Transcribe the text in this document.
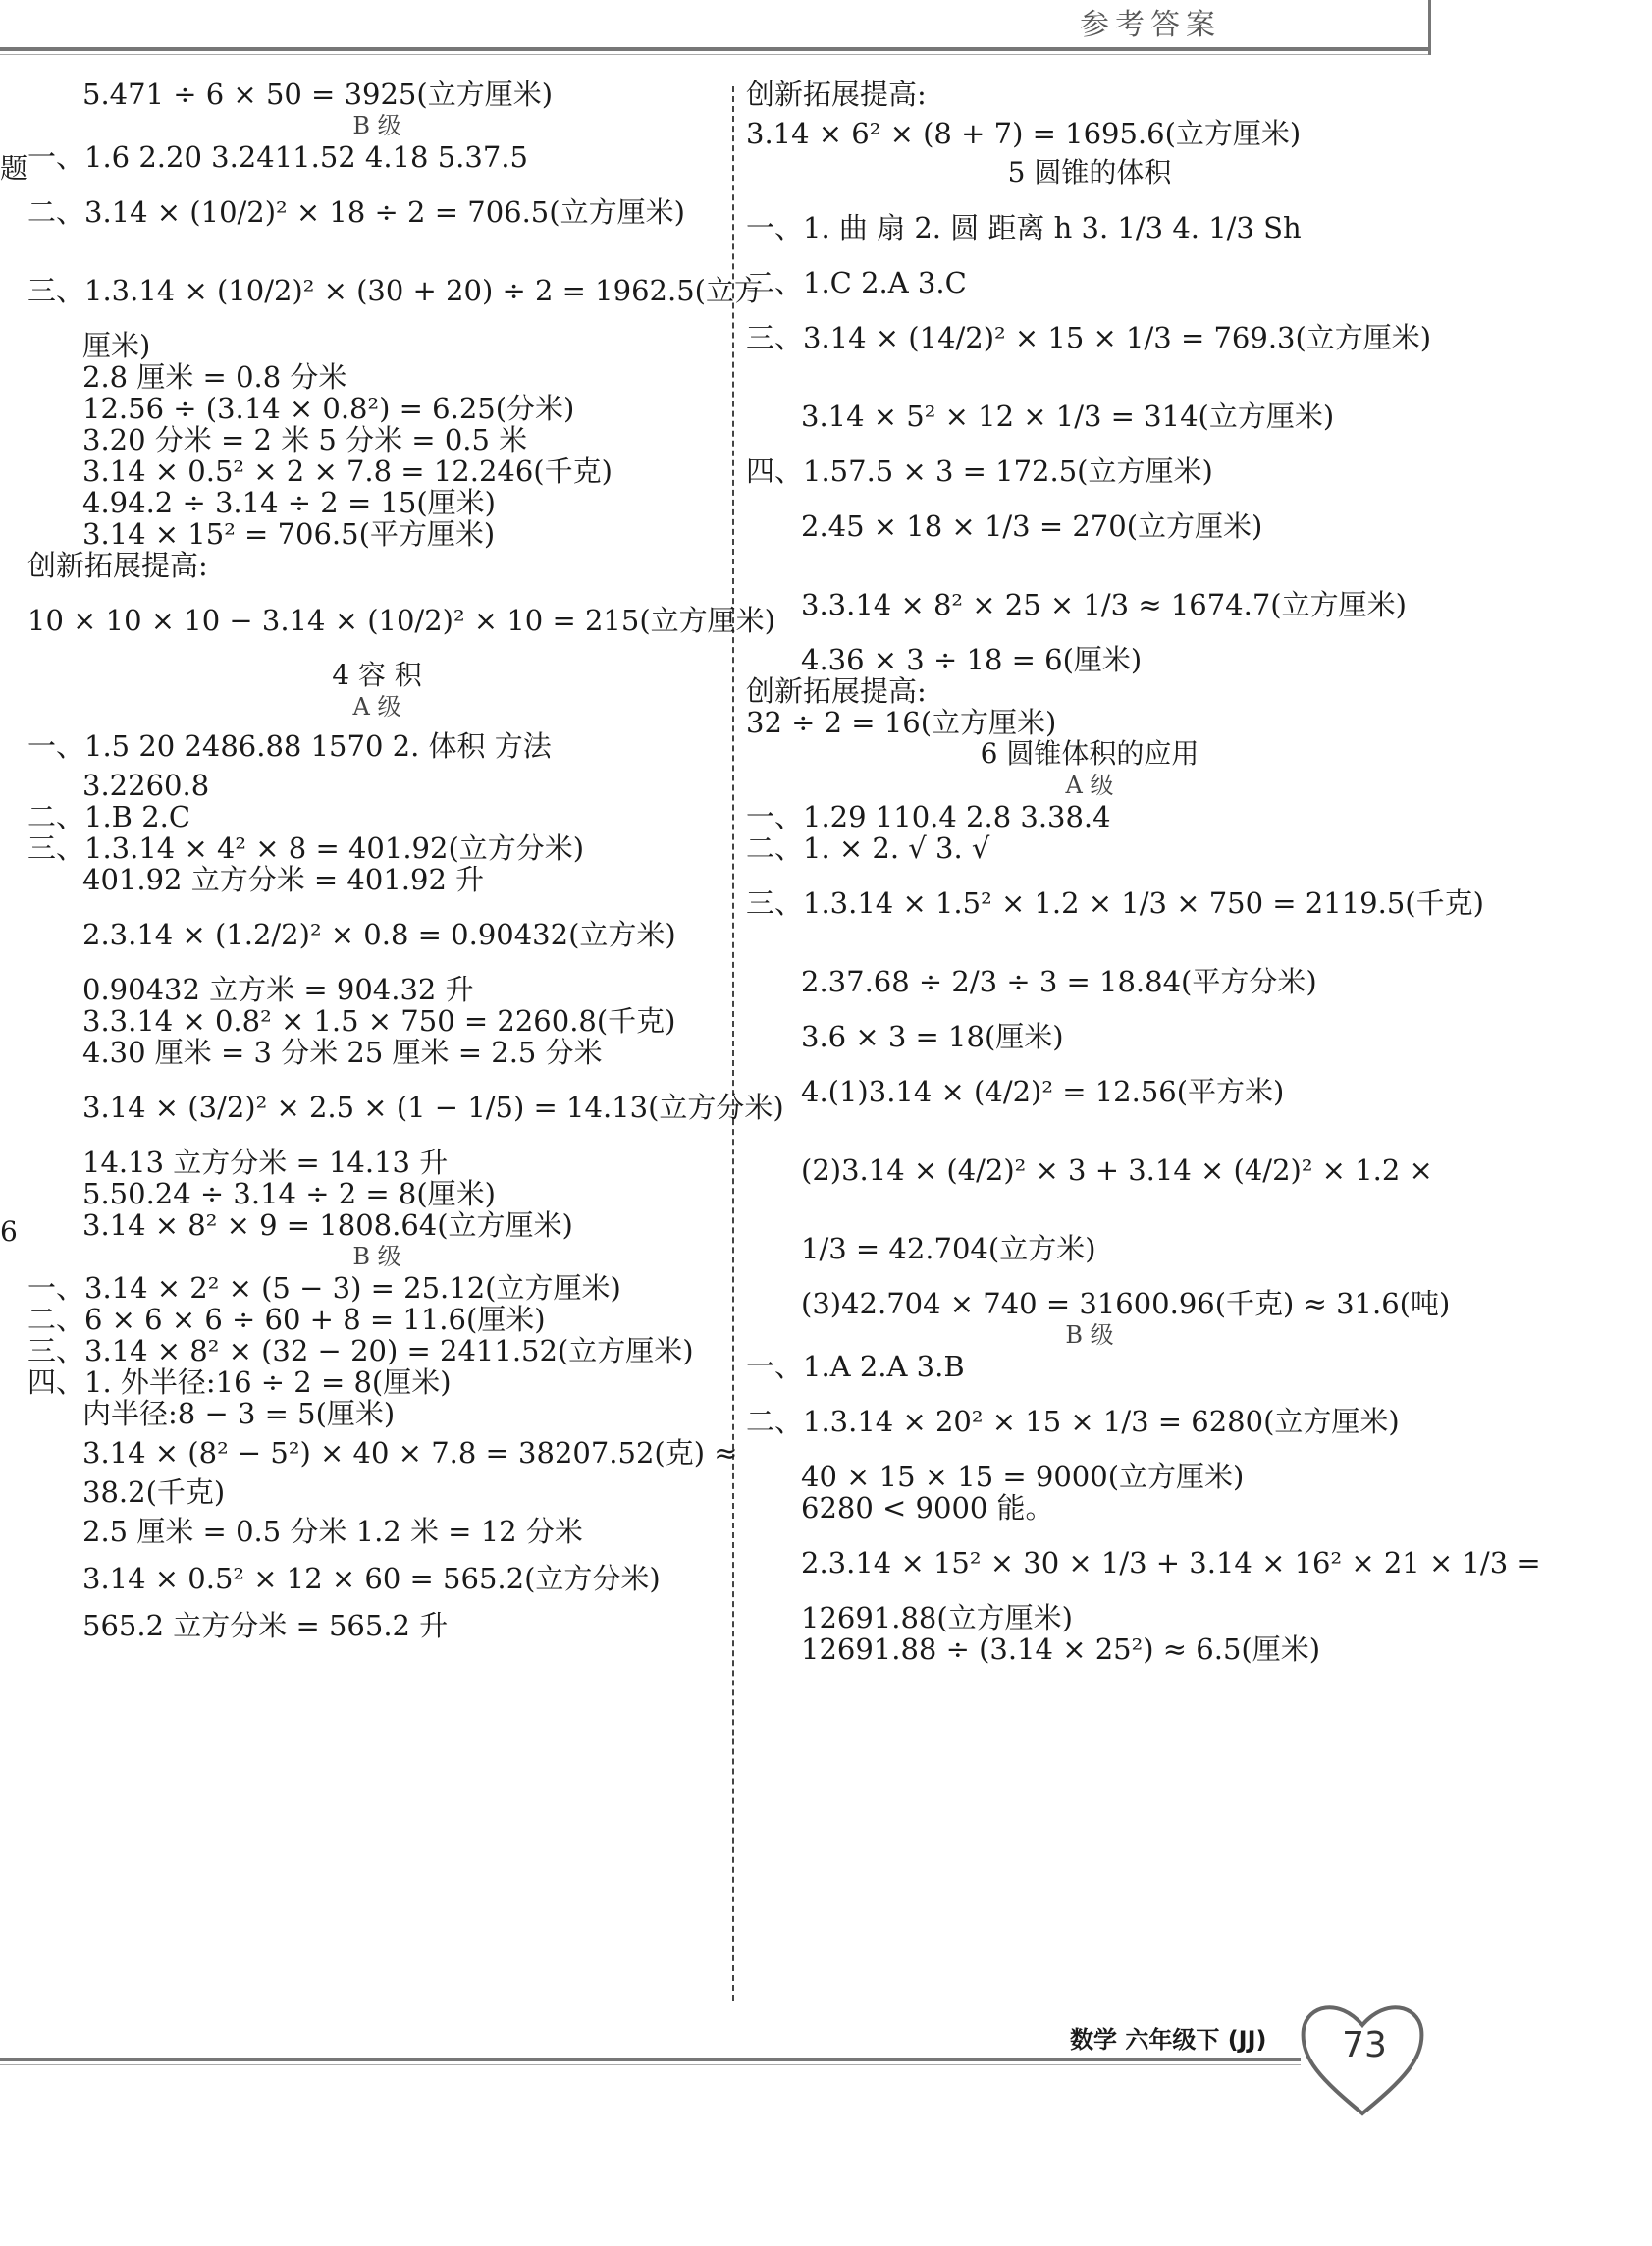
参考答案
题
6
5.471 ÷ 6 × 50 = 3925(立方厘米)
B 级
一、1.6 2.20 3.2411.52 4.18 5.37.5
二、3.14 × (10/2)² × 18 ÷ 2 = 706.5(立方厘米)
三、1.3.14 × (10/2)² × (30 + 20) ÷ 2 = 1962.5(立方
厘米)
2.8 厘米 = 0.8 分米
12.56 ÷ (3.14 × 0.8²) = 6.25(分米)
3.20 分米 = 2 米 5 分米 = 0.5 米
3.14 × 0.5² × 2 × 7.8 = 12.246(千克)
4.94.2 ÷ 3.14 ÷ 2 = 15(厘米)
3.14 × 15² = 706.5(平方厘米)
创新拓展提高:
10 × 10 × 10 − 3.14 × (10/2)² × 10 = 215(立方厘米)
4 容 积
A 级
一、1.5 20 2486.88 1570 2. 体积 方法
3.2260.8
二、1.B 2.C
三、1.3.14 × 4² × 8 = 401.92(立方分米)
401.92 立方分米 = 401.92 升
2.3.14 × (1.2/2)² × 0.8 = 0.90432(立方米)
0.90432 立方米 = 904.32 升
3.3.14 × 0.8² × 1.5 × 750 = 2260.8(千克)
4.30 厘米 = 3 分米 25 厘米 = 2.5 分米
3.14 × (3/2)² × 2.5 × (1 − 1/5) = 14.13(立方分米)
14.13 立方分米 = 14.13 升
5.50.24 ÷ 3.14 ÷ 2 = 8(厘米)
3.14 × 8² × 9 = 1808.64(立方厘米)
B 级
一、3.14 × 2² × (5 − 3) = 25.12(立方厘米)
二、6 × 6 × 6 ÷ 60 + 8 = 11.6(厘米)
三、3.14 × 8² × (32 − 20) = 2411.52(立方厘米)
四、1. 外半径:16 ÷ 2 = 8(厘米)
内半径:8 − 3 = 5(厘米)
3.14 × (8² − 5²) × 40 × 7.8 = 38207.52(克) ≈
38.2(千克)
2.5 厘米 = 0.5 分米 1.2 米 = 12 分米
3.14 × 0.5² × 12 × 60 = 565.2(立方分米)
565.2 立方分米 = 565.2 升
创新拓展提高:
3.14 × 6² × (8 + 7) = 1695.6(立方厘米)
5 圆锥的体积
一、1. 曲 扇 2. 圆 距离 h 3. 1/3 4. 1/3 Sh
二、1.C 2.A 3.C
三、3.14 × (14/2)² × 15 × 1/3 = 769.3(立方厘米)
3.14 × 5² × 12 × 1/3 = 314(立方厘米)
四、1.57.5 × 3 = 172.5(立方厘米)
2.45 × 18 × 1/3 = 270(立方厘米)
3.3.14 × 8² × 25 × 1/3 ≈ 1674.7(立方厘米)
4.36 × 3 ÷ 18 = 6(厘米)
创新拓展提高:
32 ÷ 2 = 16(立方厘米)
6 圆锥体积的应用
A 级
一、1.29 110.4 2.8 3.38.4
二、1. × 2. √ 3. √
三、1.3.14 × 1.5² × 1.2 × 1/3 × 750 = 2119.5(千克)
2.37.68 ÷ 2/3 ÷ 3 = 18.84(平方分米)
3.6 × 3 = 18(厘米)
4.(1)3.14 × (4/2)² = 12.56(平方米)
(2)3.14 × (4/2)² × 3 + 3.14 × (4/2)² × 1.2 ×
1/3 = 42.704(立方米)
(3)42.704 × 740 = 31600.96(千克) ≈ 31.6(吨)
B 级
一、1.A 2.A 3.B
二、1.3.14 × 20² × 15 × 1/3 = 6280(立方厘米)
40 × 15 × 15 = 9000(立方厘米)
6280 < 9000 能。
2.3.14 × 15² × 30 × 1/3 + 3.14 × 16² × 21 × 1/3 =
12691.88(立方厘米)
12691.88 ÷ (3.14 × 25²) ≈ 6.5(厘米)
数学 六年级下 (JJ)	73
